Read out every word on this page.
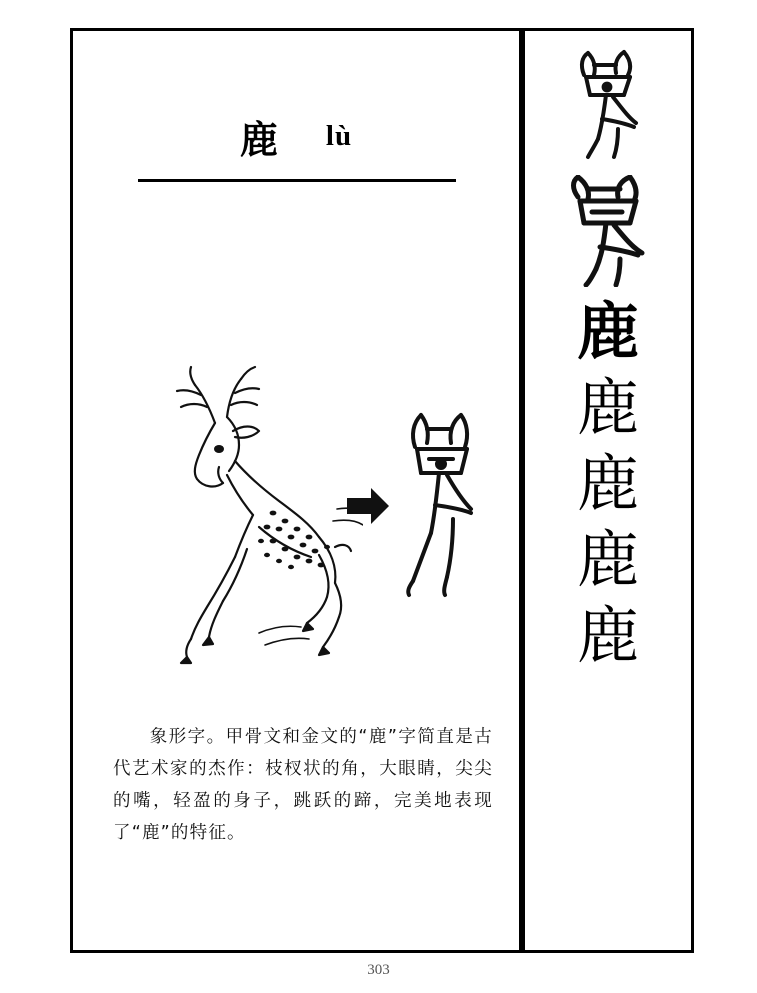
鹿 lù

象形字。甲骨文和金文的“鹿”字简直是古代艺术家的杰作：枝杈状的角，大眼睛，尖尖的嘴，轻盈的身子，跳跃的蹄，完美地表现了“鹿”的特征。

鹿
鹿
鹿
鹿
鹿
303
